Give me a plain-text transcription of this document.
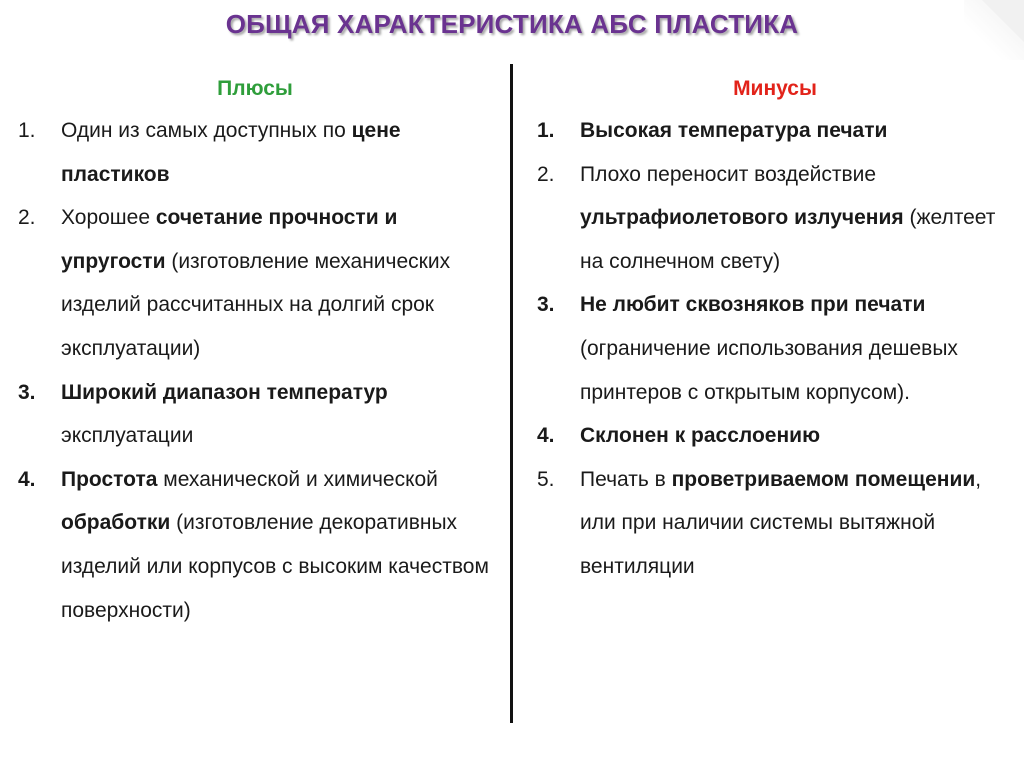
ОБЩАЯ ХАРАКТЕРИСТИКА АБС ПЛАСТИКА
Плюсы	Минусы
1. Один из самых доступных по цене пластиков
2. Хорошее сочетание прочности и упругости (изготовление механических изделий рассчитанных на долгий срок эксплуатации)
3. Широкий диапазон температур эксплуатации
4. Простота механической и химической обработки (изготовление декоративных изделий или корпусов с высоким качеством поверхности)
1. Высокая температура печати
2. Плохо переносит воздействие ультрафиолетового излучения (желтеет на солнечном свету)
3. Не любит сквозняков при печати (ограничение использования дешевых принтеров с открытым корпусом).
4. Склонен к расслоению
5. Печать в проветриваемом помещении, или при наличии системы вытяжной вентиляции
